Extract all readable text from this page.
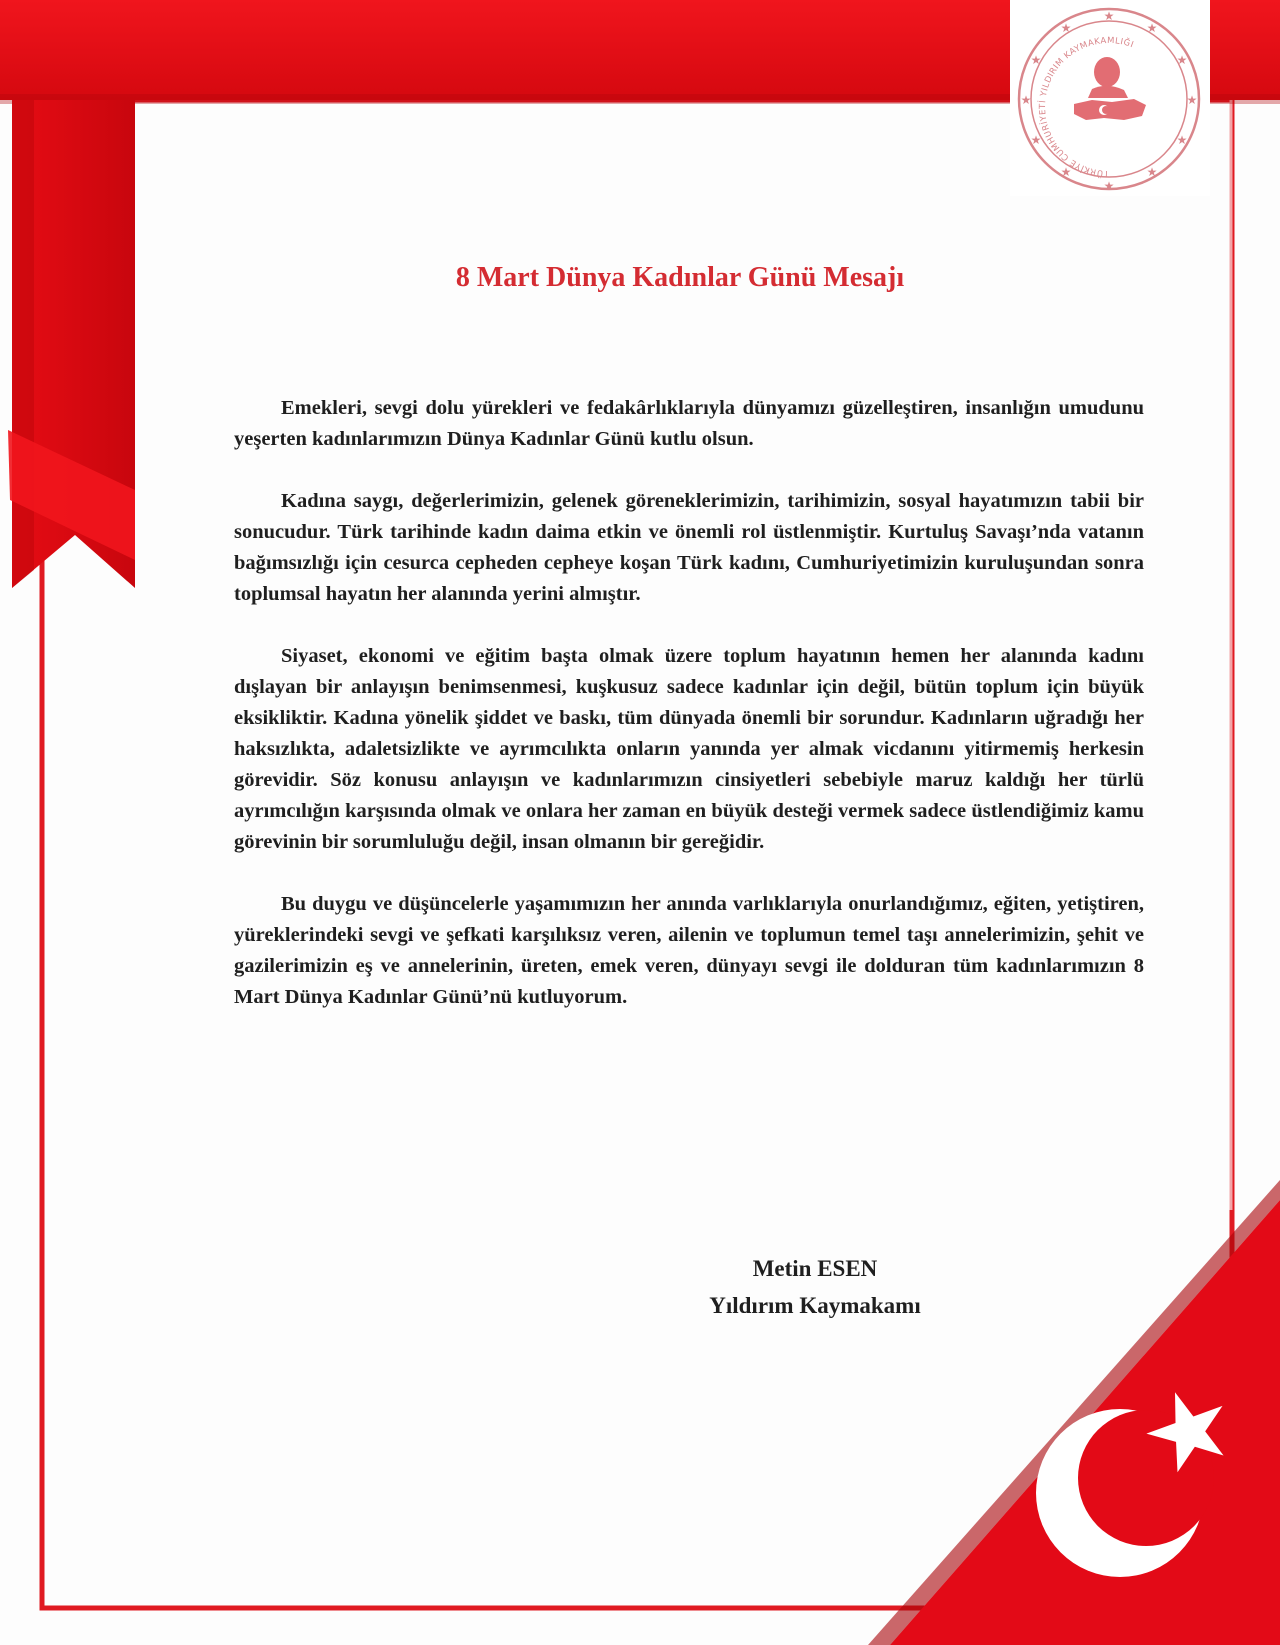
★
★
★
★
★
★
★
★
★
★
★
★
TÜRKİYE CUMHURİYETİ YILDIRIM KAYMAKAMLIĞI
8 Mart Dünya Kadınlar Günü Mesajı

Emekleri, sevgi dolu yürekleri ve fedakârlıklarıyla dünyamızı güzelleştiren, insanlığın umudunu yeşerten kadınlarımızın Dünya Kadınlar Günü kutlu olsun.

Kadına saygı, değerlerimizin, gelenek göreneklerimizin, tarihimizin, sosyal hayatımızın tabii bir sonucudur. Türk tarihinde kadın daima etkin ve önemli rol üstlenmiştir. Kurtuluş Savaşı’nda vatanın bağımsızlığı için cesurca cepheden cepheye koşan Türk kadını, Cumhuriyetimizin kuruluşundan sonra toplumsal hayatın her alanında yerini almıştır.

Siyaset, ekonomi ve eğitim başta olmak üzere toplum hayatının hemen her alanında kadını dışlayan bir anlayışın benimsenmesi, kuşkusuz sadece kadınlar için değil, bütün toplum için büyük eksikliktir. Kadına yönelik şiddet ve baskı, tüm dünyada önemli bir sorundur. Kadınların uğradığı her haksızlıkta, adaletsizlikte ve ayrımcılıkta onların yanında yer almak vicdanını yitirmemiş herkesin görevidir. Söz konusu anlayışın ve kadınlarımızın cinsiyetleri sebebiyle maruz kaldığı her türlü ayrımcılığın karşısında olmak ve onlara her zaman en büyük desteği vermek sadece üstlendiğimiz kamu görevinin bir sorumluluğu değil, insan olmanın bir gereğidir.

Bu duygu ve düşüncelerle yaşamımızın her anında varlıklarıyla onurlandığımız, eğiten, yetiştiren, yüreklerindeki sevgi ve şefkati karşılıksız veren, ailenin ve toplumun temel taşı annelerimizin, şehit ve gazilerimizin eş ve annelerinin, üreten, emek veren, dünyayı sevgi ile dolduran tüm kadınlarımızın 8 Mart Dünya Kadınlar Günü’nü kutluyorum.

Metin ESEN
Yıldırım Kaymakamı
